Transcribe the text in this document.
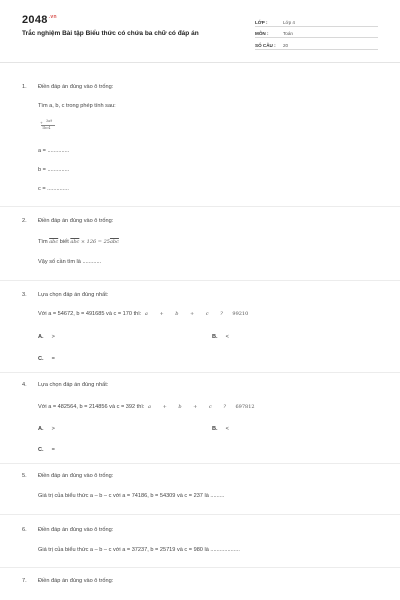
$2048^{.vn}$
Trắc nghiệm Bài tập Biểu thức có chứa ba chữ có đáp án
LỚP :	Lớp 4
MÔN :	Toán
SỐ CÂU :	20
1. Điền đáp án đúng vào ô trống:
Tìm a, b, c trong phép tính sau:
+ 3a9
1bc4
a = ..............
b = ..............
c = ..............
2. Điền đáp án đúng vào ô trống:
Tìm $\overline{abc}$ biết $\overline{abc} \times 126 = 25\overline{abc}$
Vậy số cần tìm là ............
3. Lựa chọn đáp án đúng nhất:
Với a = 54672, b = 491685 và c = 170 thì: a + b + c ? 99210
A. >	B. <
C. =
4. Lựa chọn đáp án đúng nhất:
Với a = 482564, b = 214856 và c = 392 thì: a + b + c ? 697812
A. >	B. <
C. =
5. Điền đáp án đúng vào ô trống:
Giá trị của biểu thức a – b – c với a = 74186, b = 54309 và c = 237 là .........
6. Điền đáp án đúng vào ô trống:
Giá trị của biểu thức a – b – c với a = 37237, b = 25719 và c = 980 là ...................
7. Điền đáp án đúng vào ô trống:
